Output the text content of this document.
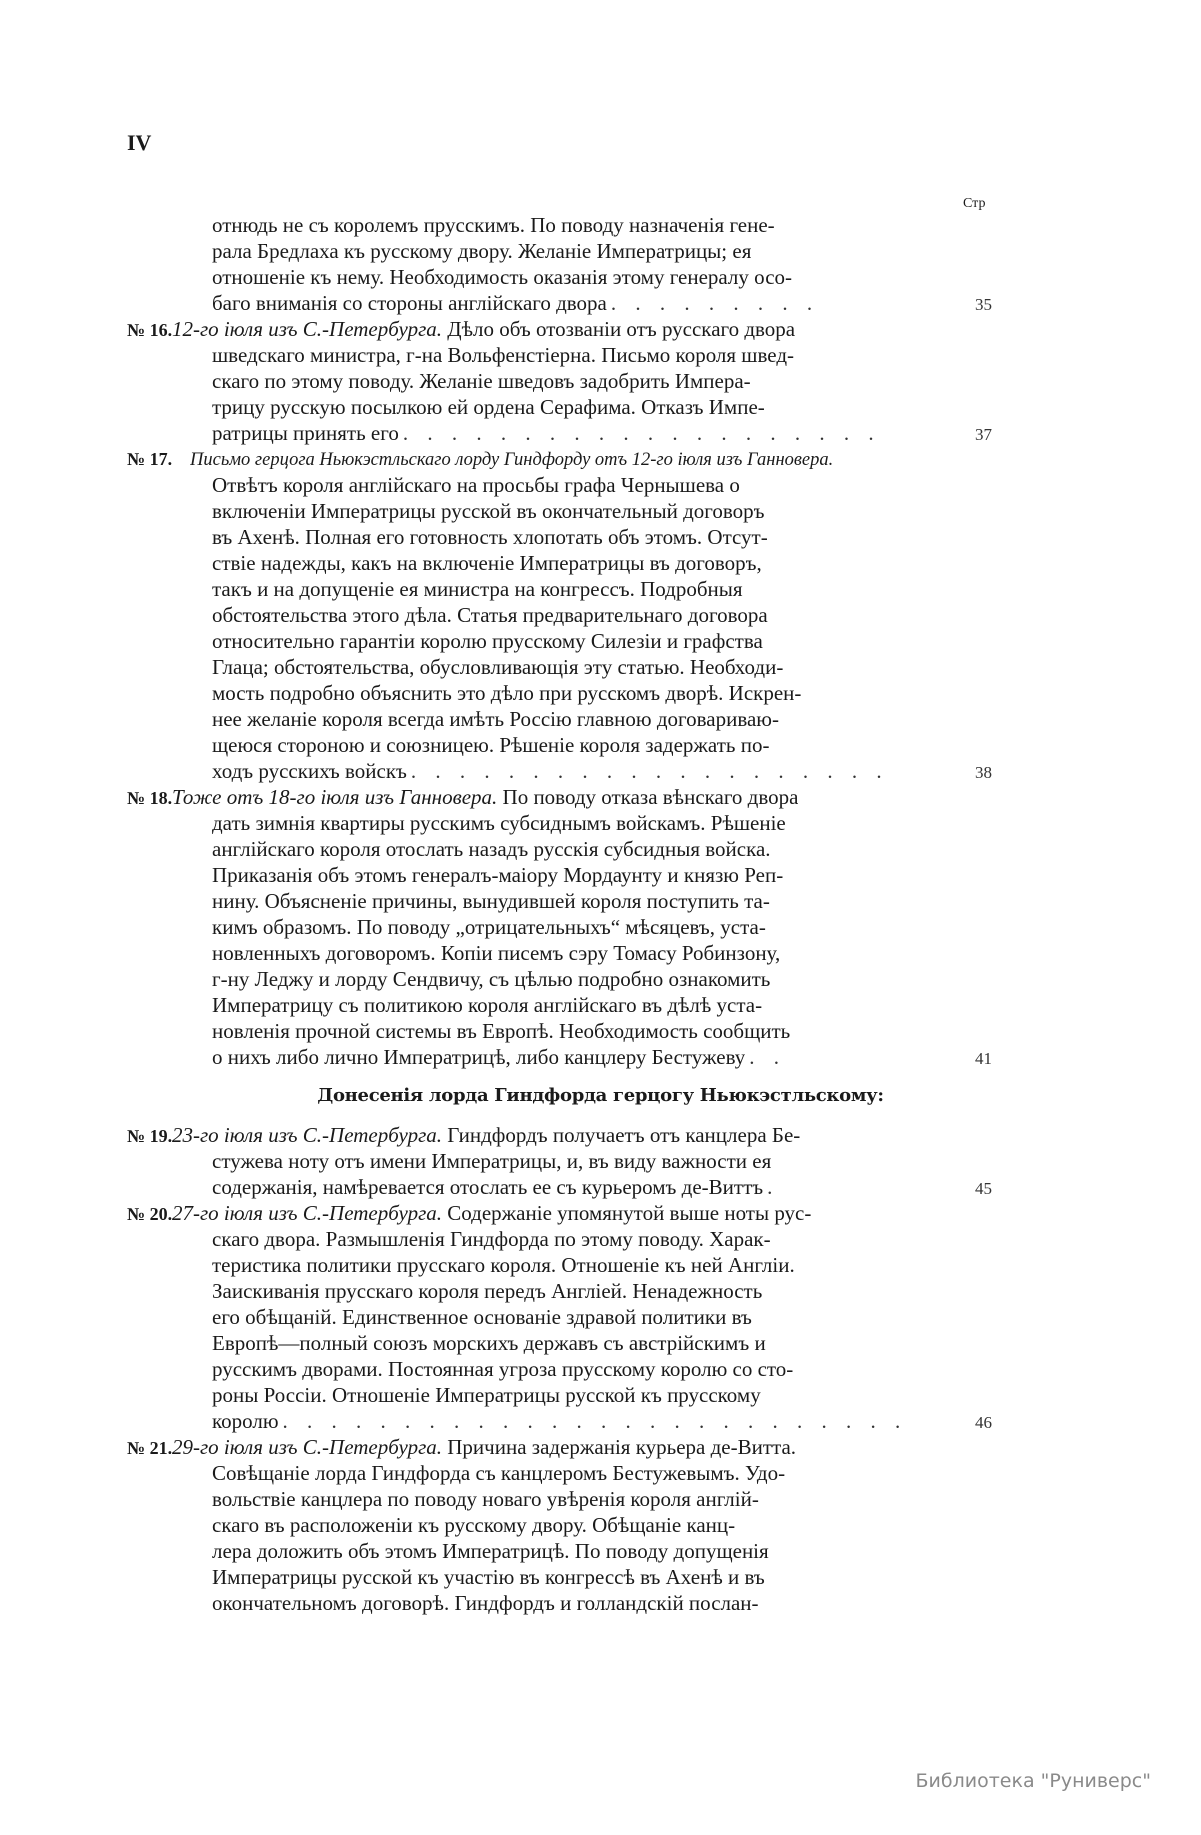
IV
Стр
отнюдь не съ королемъ прусскимъ. По поводу назначенія гене-
рала Бредлаха къ русскому двору. Желаніе Императрицы; ея
отношеніе къ нему. Необходимость оказанія этому генералу осо-
баго вниманія со стороны англійскаго двора . . . . . . . . .	35
№ 16. 12-го іюля изъ С.-Петербурга. Дѣло объ отозваніи отъ русскаго двора
шведскаго министра, г-на Вольфенстіерна. Письмо короля швед-
скаго по этому поводу. Желаніе шведовъ задобрить Импера-
трицу русскую посылкою ей ордена Серафима. Отказъ Импе-
ратрицы принять его . . . . . . . . . . . . . . . . . . . .	37
№ 17. Письмо герцога Ньюкэстльскаго лорду Гиндфорду отъ 12-го іюля изъ Ганновера.
Отвѣтъ короля англійскаго на просьбы графа Чернышева о
включеніи Императрицы русской въ окончательный договоръ
въ Ахенѣ. Полная его готовность хлопотать объ этомъ. Отсут-
ствіе надежды, какъ на включеніе Императрицы въ договоръ,
такъ и на допущеніе ея министра на конгрессъ. Подробныя
обстоятельства этого дѣла. Статья предварительнаго договора
относительно гарантіи королю прусскому Силезіи и графства
Глаца; обстоятельства, обусловливающія эту статью. Необходи-
мость подробно объяснить это дѣло при русскомъ дворѣ. Искрен-
нее желаніе короля всегда имѣть Россію главною договариваю-
щеюся стороною и союзницею. Рѣшеніе короля задержать по-
ходъ русскихъ войскъ . . . . . . . . . . . . . . . . . . . .	38
№ 18. Тоже отъ 18-го іюля изъ Ганновера. По поводу отказа вѣнскаго двора
дать зимнія квартиры русскимъ субсиднымъ войскамъ. Рѣшеніе
англійскаго короля отослать назадъ русскія субсидныя войска.
Приказанія объ этомъ генералъ-маіору Мордаунту и князю Реп-
нину. Объясненіе причины, вынудившей короля поступить та-
кимъ образомъ. По поводу „отрицательныхъ“ мѣсяцевъ, уста-
новленныхъ договоромъ. Копіи писемъ сэру Томасу Робинзону,
г-ну Леджу и лорду Сендвичу, съ цѣлью подробно ознакомить
Императрицу съ политикою короля англійскаго въ дѣлѣ уста-
новленія прочной системы въ Европѣ. Необходимость сообщить
о нихъ либо лично Императрицѣ, либо канцлеру Бестужеву . .	41
Донесенія лорда Гиндфорда герцогу Ньюкэстльскому:
№ 19. 23-го іюля изъ С.-Петербурга. Гиндфордъ получаетъ отъ канцлера Бе-
стужева ноту отъ имени Императрицы, и, въ виду важности ея
содержанія, намѣревается отослать ее съ курьеромъ де-Виттъ .	45
№ 20. 27-го іюля изъ С.-Петербурга. Содержаніе упомянутой выше ноты рус-
скаго двора. Размышленія Гиндфорда по этому поводу. Харак-
теристика политики прусскаго короля. Отношеніе къ ней Англіи.
Заискиванія прусскаго короля передъ Англіей. Ненадежность
его обѣщаній. Единственное основаніе здравой политики въ
Европѣ—полный союзъ морскихъ державъ съ австрійскимъ и
русскимъ дворами. Постоянная угроза прусскому королю со сто-
роны Россіи. Отношеніе Императрицы русской къ прусскому
королю . . . . . . . . . . . . . . . . . . . . . . . . . .	46
№ 21. 29-го іюля изъ С.-Петербурга. Причина задержанія курьера де-Витта.
Совѣщаніе лорда Гиндфорда съ канцлеромъ Бестужевымъ. Удо-
вольствіе канцлера по поводу новаго увѣренія короля англій-
скаго въ расположеніи къ русскому двору. Обѣщаніе канц-
лера доложить объ этомъ Императрицѣ. По поводу допущенія
Императрицы русской къ участію въ конгрессѣ въ Ахенѣ и въ
окончательномъ договорѣ. Гиндфордъ и голландскій послан-
Библиотека "Руниверс"
